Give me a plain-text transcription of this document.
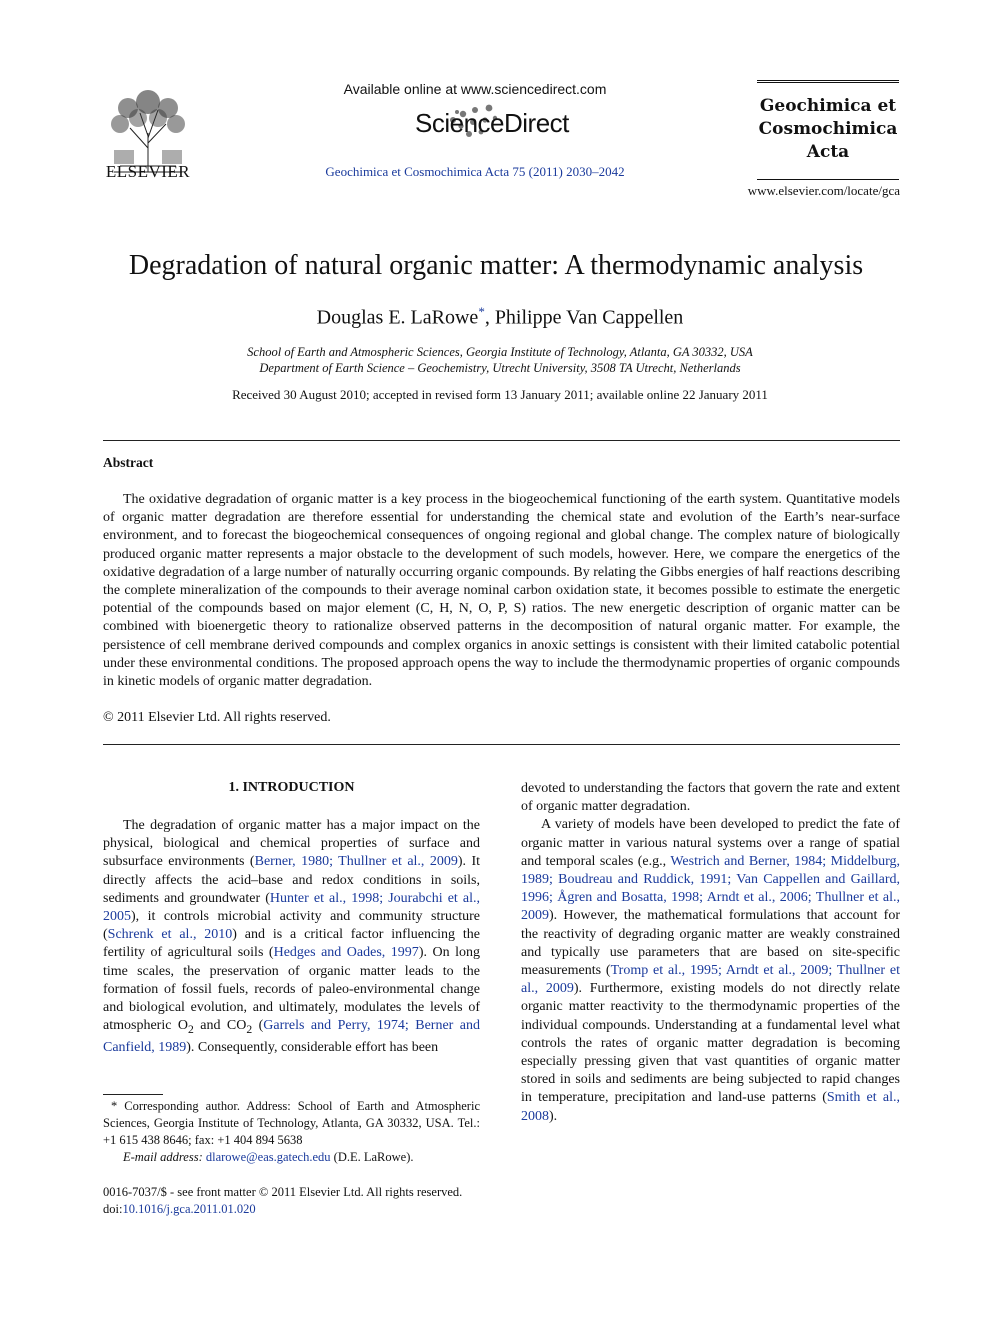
ELSEVIER
Available online at www.sciencedirect.com
ScienceDirect
Geochimica et Cosmochimica Acta 75 (2011) 2030–2042
Geochimica et
Cosmochimica
Acta
www.elsevier.com/locate/gca
Degradation of natural organic matter: A thermodynamic analysis
Douglas E. LaRowe*, Philippe Van Cappellen
School of Earth and Atmospheric Sciences, Georgia Institute of Technology, Atlanta, GA 30332, USA
Department of Earth Science – Geochemistry, Utrecht University, 3508 TA Utrecht, Netherlands
Received 30 August 2010; accepted in revised form 13 January 2011; available online 22 January 2011
Abstract

The oxidative degradation of organic matter is a key process in the biogeochemical functioning of the earth system. Quantitative models of organic matter degradation are therefore essential for understanding the chemical state and evolution of the Earth’s near-surface environment, and to forecast the biogeochemical consequences of ongoing regional and global change. The complex nature of biologically produced organic matter represents a major obstacle to the development of such models, however. Here, we compare the energetics of the oxidative degradation of a large number of naturally occurring organic compounds. By relating the Gibbs energies of half reactions describing the complete mineralization of the compounds to their average nominal carbon oxidation state, it becomes possible to estimate the energetic potential of the compounds based on major element (C, H, N, O, P, S) ratios. The new energetic description of organic matter can be combined with bioenergetic theory to rationalize observed patterns in the decomposition of natural organic matter. For example, the persistence of cell membrane derived compounds and complex organics in anoxic settings is consistent with their limited catabolic potential under these environmental conditions. The proposed approach opens the way to include the thermodynamic properties of organic compounds in kinetic models of organic matter degradation.

© 2011 Elsevier Ltd. All rights reserved.
1. INTRODUCTION

The degradation of organic matter has a major impact on the physical, biological and chemical properties of surface and subsurface environments (Berner, 1980; Thullner et al., 2009). It directly affects the acid–base and redox conditions in soils, sediments and groundwater (Hunter et al., 1998; Jourabchi et al., 2005), it controls microbial activity and community structure (Schrenk et al., 2010) and is a critical factor influencing the fertility of agricultural soils (Hedges and Oades, 1997). On long time scales, the preservation of organic matter leads to the formation of fossil fuels, records of paleo-environmental change and biological evolution, and ultimately, modulates the levels of atmospheric $O_2$ and $CO_2$ (Garrels and Perry, 1974; Berner and Canfield, 1989). Consequently, considerable effort has been

* Corresponding author. Address: School of Earth and Atmospheric Sciences, Georgia Institute of Technology, Atlanta, GA 30332, USA. Tel.: +1 615 438 8646; fax: +1 404 894 5638

E-mail address: dlarowe@eas.gatech.edu (D.E. LaRowe).

0016-7037/$ - see front matter © 2011 Elsevier Ltd. All rights reserved.
doi:10.1016/j.gca.2011.01.020

devoted to understanding the factors that govern the rate and extent of organic matter degradation.

A variety of models have been developed to predict the fate of organic matter in various natural systems over a range of spatial and temporal scales (e.g., Westrich and Berner, 1984; Middelburg, 1989; Boudreau and Ruddick, 1991; Van Cappellen and Gaillard, 1996; Ågren and Bosatta, 1998; Arndt et al., 2006; Thullner et al., 2009). However, the mathematical formulations that account for the reactivity of degrading organic matter are weakly constrained and typically use parameters that are based on site-specific measurements (Tromp et al., 1995; Arndt et al., 2009; Thullner et al., 2009). Furthermore, existing models do not directly relate organic matter reactivity to the thermodynamic properties of the individual compounds. Understanding at a fundamental level what controls the rates of organic matter degradation is becoming especially pressing given that vast quantities of organic matter stored in soils and sediments are being subjected to rapid changes in temperature, precipitation and land-use patterns (Smith et al., 2008).
